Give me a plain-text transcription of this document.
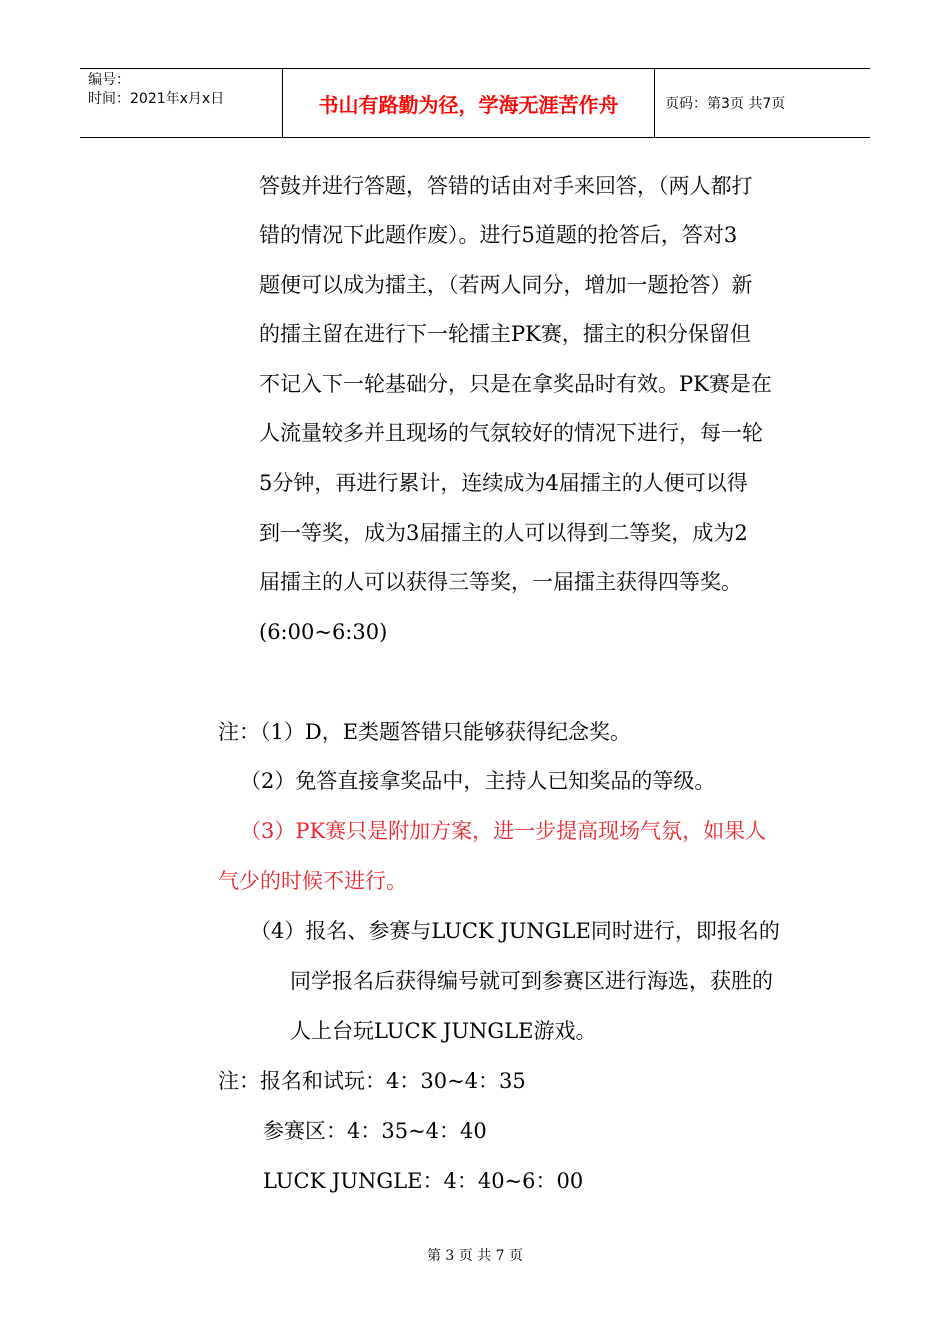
编号：
时间：2021年x月x日	书山有路勤为径，学海无涯苦作舟	页码：第3页 共7页
答鼓并进行答题，答错的话由对手来回答，（两人都打
错的情况下此题作废）。进行5道题的抢答后，答对3
题便可以成为擂主，（若两人同分，增加一题抢答）新
的擂主留在进行下一轮擂主PK赛，擂主的积分保留但
不记入下一轮基础分，只是在拿奖品时有效。PK赛是在
人流量较多并且现场的气氛较好的情况下进行，每一轮
5分钟，再进行累计，连续成为4届擂主的人便可以得
到一等奖，成为3届擂主的人可以得到二等奖，成为2
届擂主的人可以获得三等奖，一届擂主获得四等奖。
(6:00~6:30)
注：（1）D，E类题答错只能够获得纪念奖。
（2）免答直接拿奖品中，主持人已知奖品的等级。
（3）PK赛只是附加方案，进一步提高现场气氛，如果人
气少的时候不进行。
（4）报名、参赛与LUCK JUNGLE同时进行，即报名的
同学报名后获得编号就可到参赛区进行海选，获胜的
人上台玩LUCK JUNGLE游戏。
注：报名和试玩：4：30~4：35
参赛区：4：35~4：40
LUCK JUNGLE：4：40~6：00
第 3 页 共 7 页
